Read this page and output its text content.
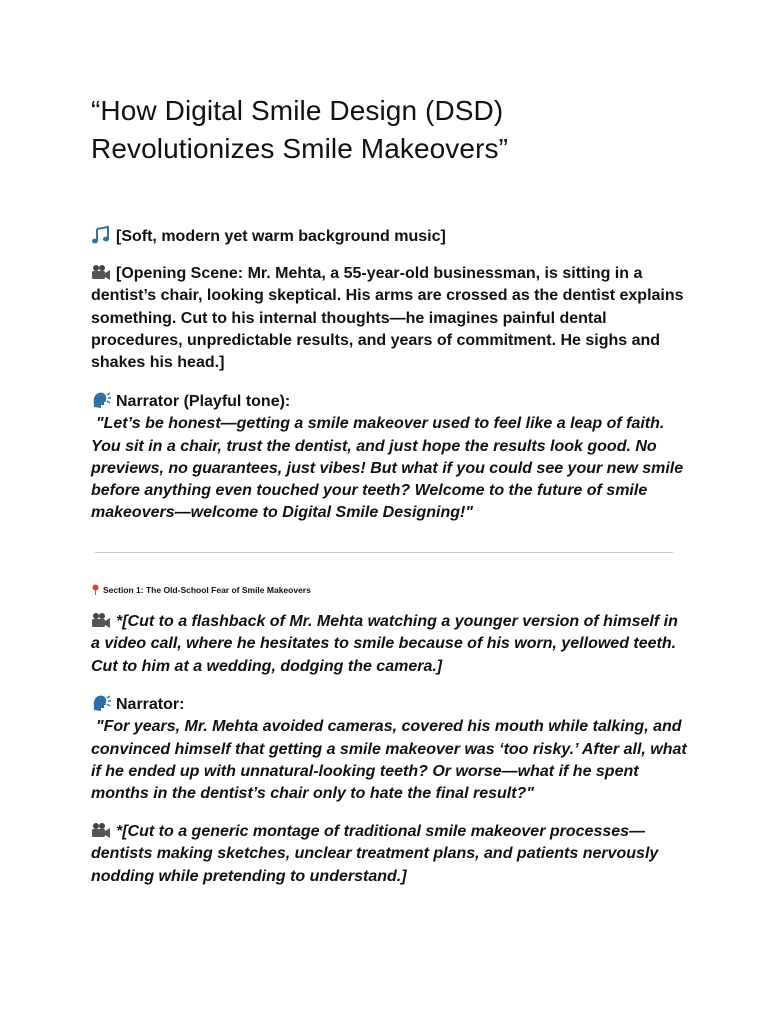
“How Digital Smile Design (DSD) Revolutionizes Smile Makeovers”

[Soft, modern yet warm background music]

[Opening Scene: Mr. Mehta, a 55-year-old businessman, is sitting in a dentist’s chair, looking skeptical. His arms are crossed as the dentist explains something. Cut to his internal thoughts—he imagines painful dental procedures, unpredictable results, and years of commitment. He sighs and shakes his head.]

Narrator (Playful tone):
"Let’s be honest—getting a smile makeover used to feel like a leap of faith. You sit in a chair, trust the dentist, and just hope the results look good. No previews, no guarantees, just vibes! But what if you could see your new smile before anything even touched your teeth? Welcome to the future of smile makeovers—welcome to Digital Smile Designing!"

Section 1: The Old-School Fear of Smile Makeovers

*[Cut to a flashback of Mr. Mehta watching a younger version of himself in a video call, where he hesitates to smile because of his worn, yellowed teeth. Cut to him at a wedding, dodging the camera.]

Narrator:
"For years, Mr. Mehta avoided cameras, covered his mouth while talking, and convinced himself that getting a smile makeover was ‘too risky.’ After all, what if he ended up with unnatural-looking teeth? Or worse—what if he spent months in the dentist’s chair only to hate the final result?"

*[Cut to a generic montage of traditional smile makeover processes—dentists making sketches, unclear treatment plans, and patients nervously nodding while pretending to understand.]
